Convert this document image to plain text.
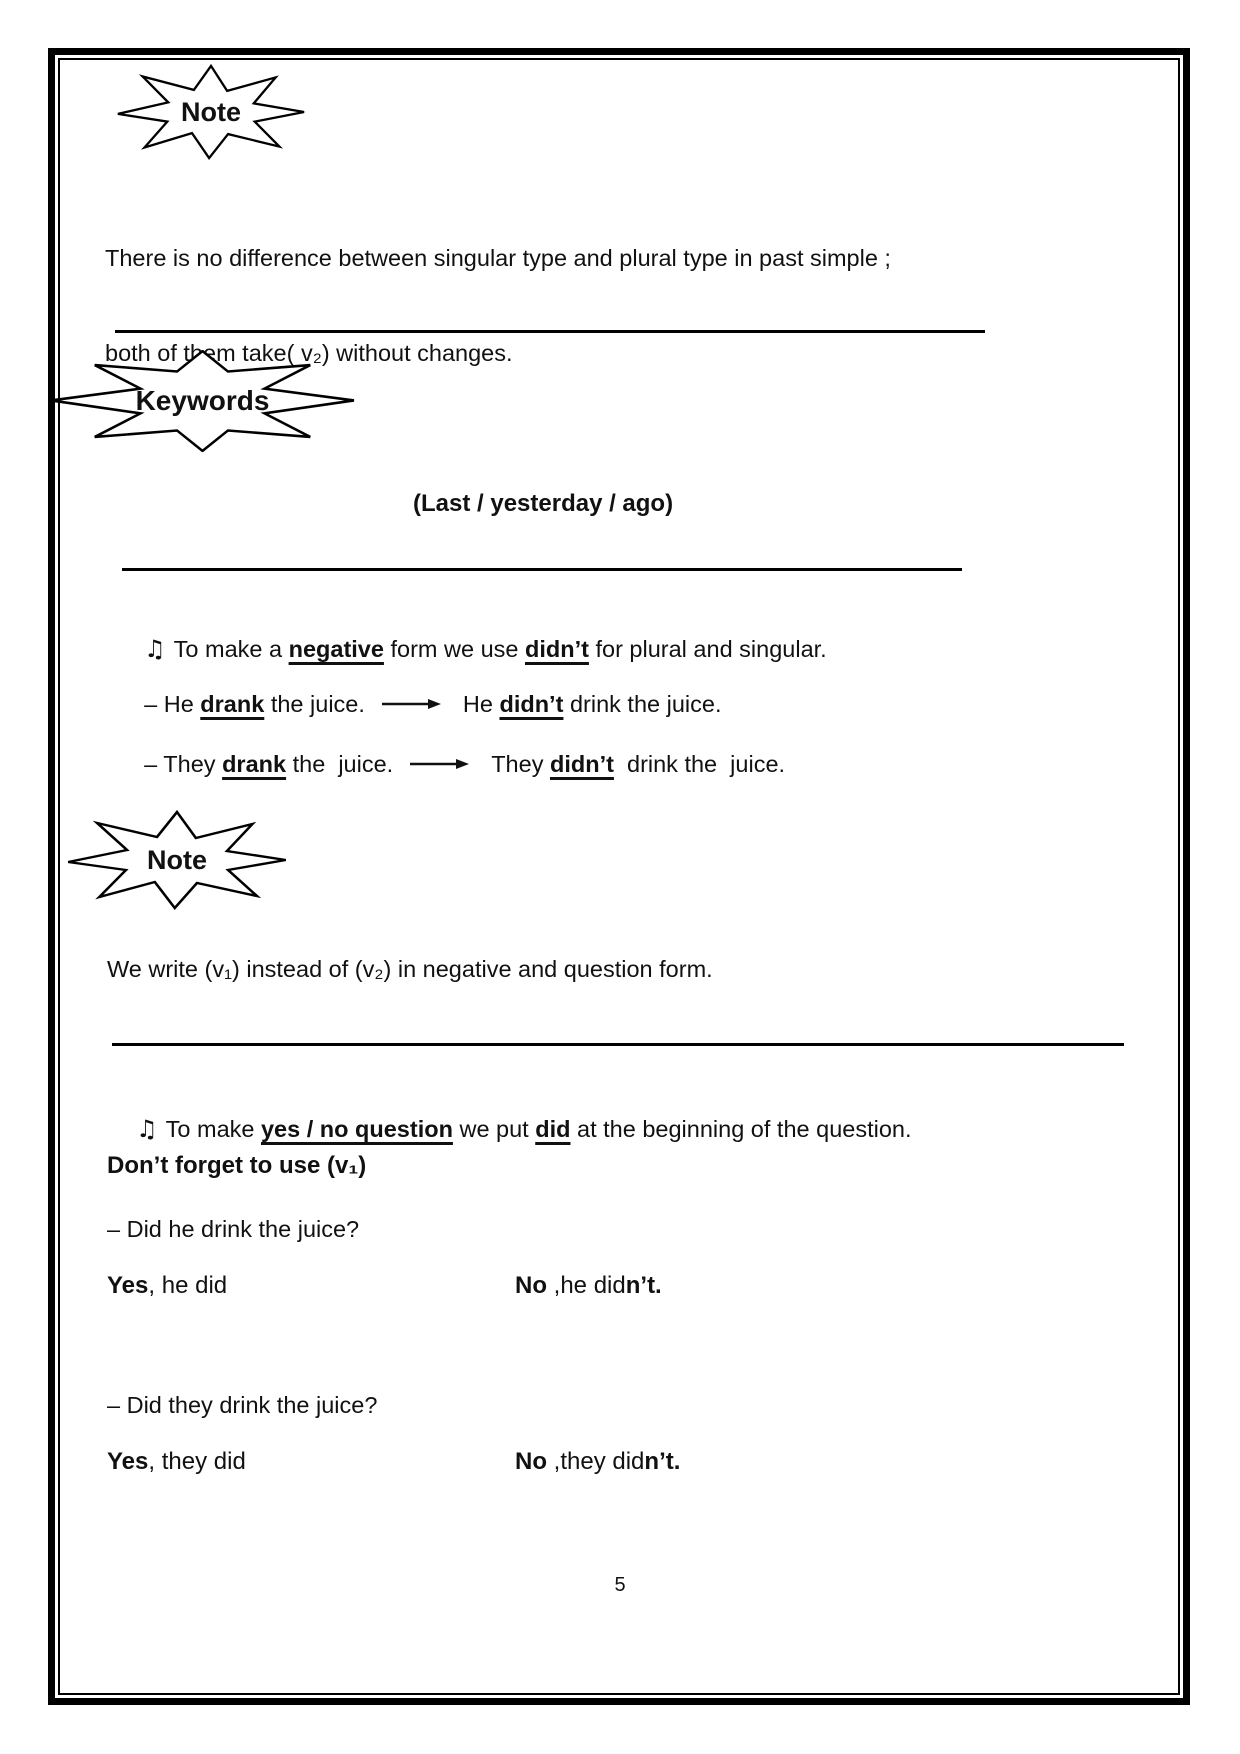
Note

There is no difference between singular type and plural type in past simple ;

both of them take( v₂) without changes.

Keywords
(Last / yesterday / ago)

♫ To make a negative form we use didn’t for plural and singular.

– He drank the juice.	He didn’t drink the juice.

– They drank the  juice.	They didn’t  drink the  juice.

Note
We write (v₁) instead of (v₂) in negative and question form.

♫ To make yes / no question we put did at the beginning of the question.

Don’t forget to use (v₁)
– Did he drink the juice?
Yes, he did	No ,he didn’t.
– Did they drink the juice?
Yes, they did	No ,they didn’t.
5
